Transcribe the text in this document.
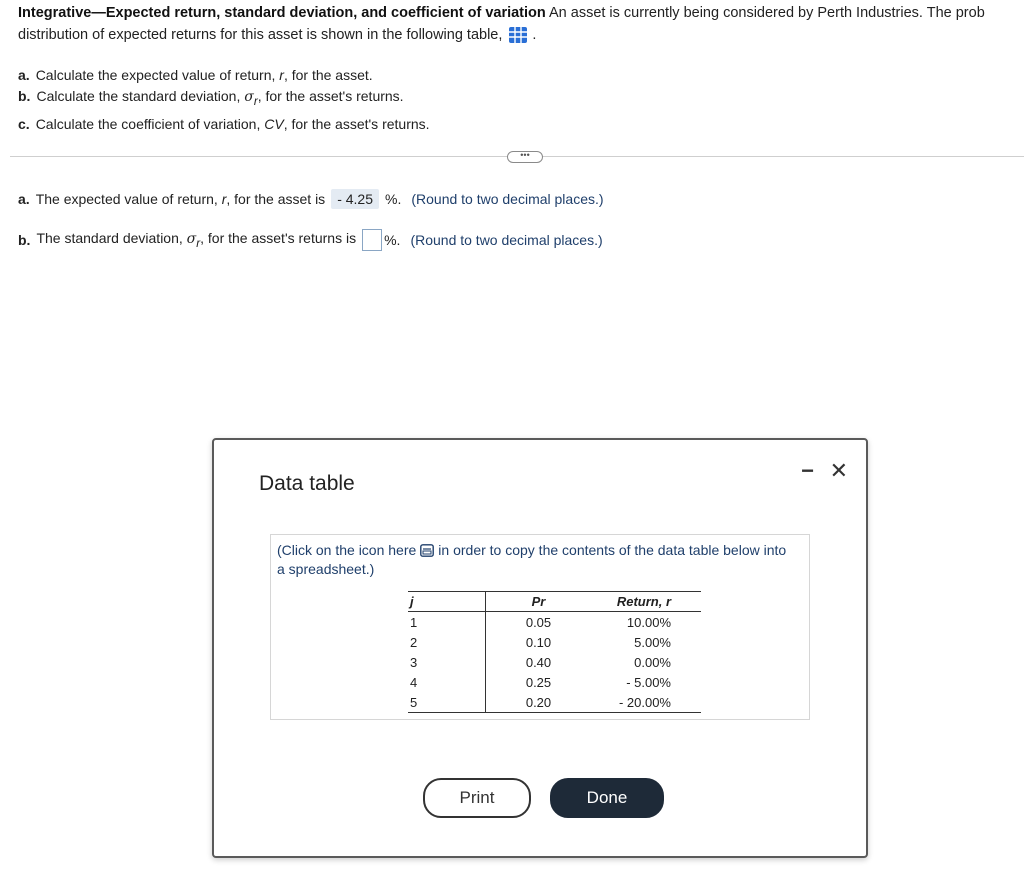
Integrative—Expected return, standard deviation, and coefficient of variation An asset is currently being considered by Perth Industries. The prob
distribution of expected returns for this asset is shown in the following table, .
a. Calculate the expected value of return, r, for the asset.
b. Calculate the standard deviation, $\sigma_r$, for the asset's returns.
c. Calculate the coefficient of variation, CV, for the asset's returns.
•••
a. The expected value of return, r, for the asset is - 4.25 %. (Round to two decimal places.)
b. The standard deviation, $\sigma_r$, for the asset's returns is %. (Round to two decimal places.)
Data table
− ✕
(Click on the icon here in order to copy the contents of the data table below into a spreadsheet.)
j	Pr	Return, r
1	0.05	10.00%
2	0.10	5.00%
3	0.40	0.00%
4	0.25	- 5.00%
5	0.20	- 20.00%
Print	Done
